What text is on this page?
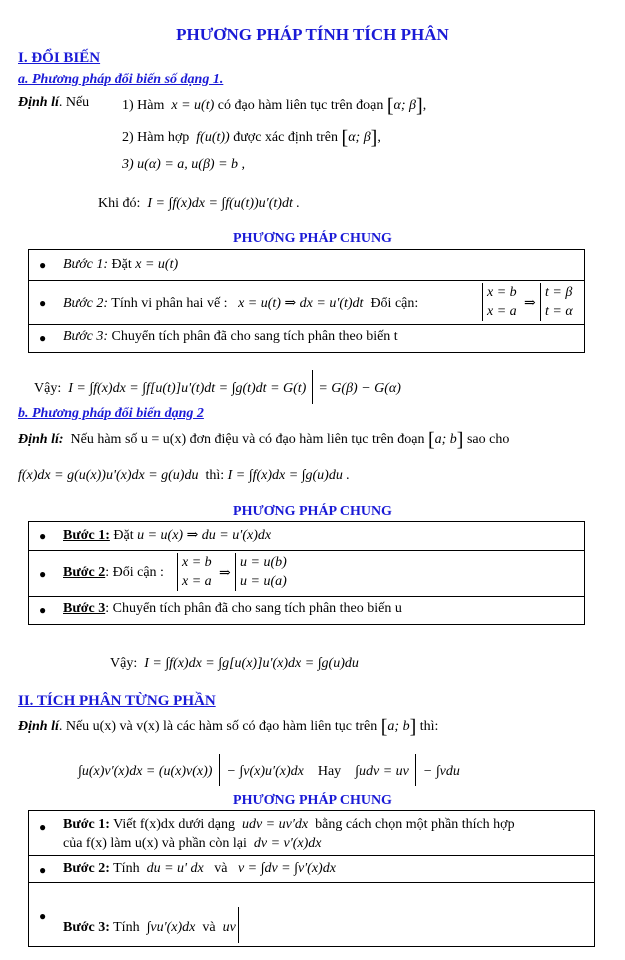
PHƯƠNG PHÁP TÍNH TÍCH PHÂN
I. ĐỔI BIẾN
a. Phương pháp đổi biến số dạng 1.
Định lí. Nếu 1) Hàm x = u(t) có đạo hàm liên tục trên đoạn [α; β],
2) Hàm hợp f(u(t)) được xác định trên [α; β],
3) u(α) = a, u(β) = b ,
Khi đó: I = ∫f(x)dx = ∫f(u(t))u′(t)dt .
PHƯƠNG PHÁP CHUNG
● Bước 1: Đặt x = u(t)
● Bước 2: Tính vi phân hai vế : x = u(t) ⇒ dx = u'(t)dt Đổi cận:
x = b
x = a
⇒
t = β
t = α
● Bước 3: Chuyển tích phân đã cho sang tích phân theo biến t
Vậy: I = ∫f(x)dx = ∫f[u(t)]u'(t)dt = ∫g(t)dt = G(t) = G(β) − G(α)
b. Phương pháp đổi biến dạng 2
Định lí: Nếu hàm số u = u(x) đơn điệu và có đạo hàm liên tục trên đoạn [a; b] sao cho
f(x)dx = g(u(x))u'(x)dx = g(u)du thì: I = ∫f(x)dx = ∫g(u)du .
PHƯƠNG PHÁP CHUNG
● Bước 1: Đặt u = u(x) ⇒ du = u′(x)dx
● Bước 2: Đổi cận :
x = b
x = a
⇒
u = u(b)
u = u(a)
● Bước 3: Chuyển tích phân đã cho sang tích phân theo biến u
Vậy: I = ∫f(x)dx = ∫g[u(x)]u'(x)dx = ∫g(u)du
II. TÍCH PHÂN TỪNG PHẦN
Định lí. Nếu u(x) và v(x) là các hàm số có đạo hàm liên tục trên [a; b] thì:
∫u(x)v′(x)dx = (u(x)v(x)) − ∫v(x)u′(x)dx Hay ∫udv = uv − ∫vdu
PHƯƠNG PHÁP CHUNG
● Bước 1: Viết f(x)dx dưới dạng udv = uv′dx bằng cách chọn một phần thích hợp
của f(x) làm u(x) và phần còn lại dv = v'(x)dx
● Bước 2: Tính du = u' dx và v = ∫dv = ∫v'(x)dx
●
Bước 3: Tính ∫vu'(x)dx và uv
